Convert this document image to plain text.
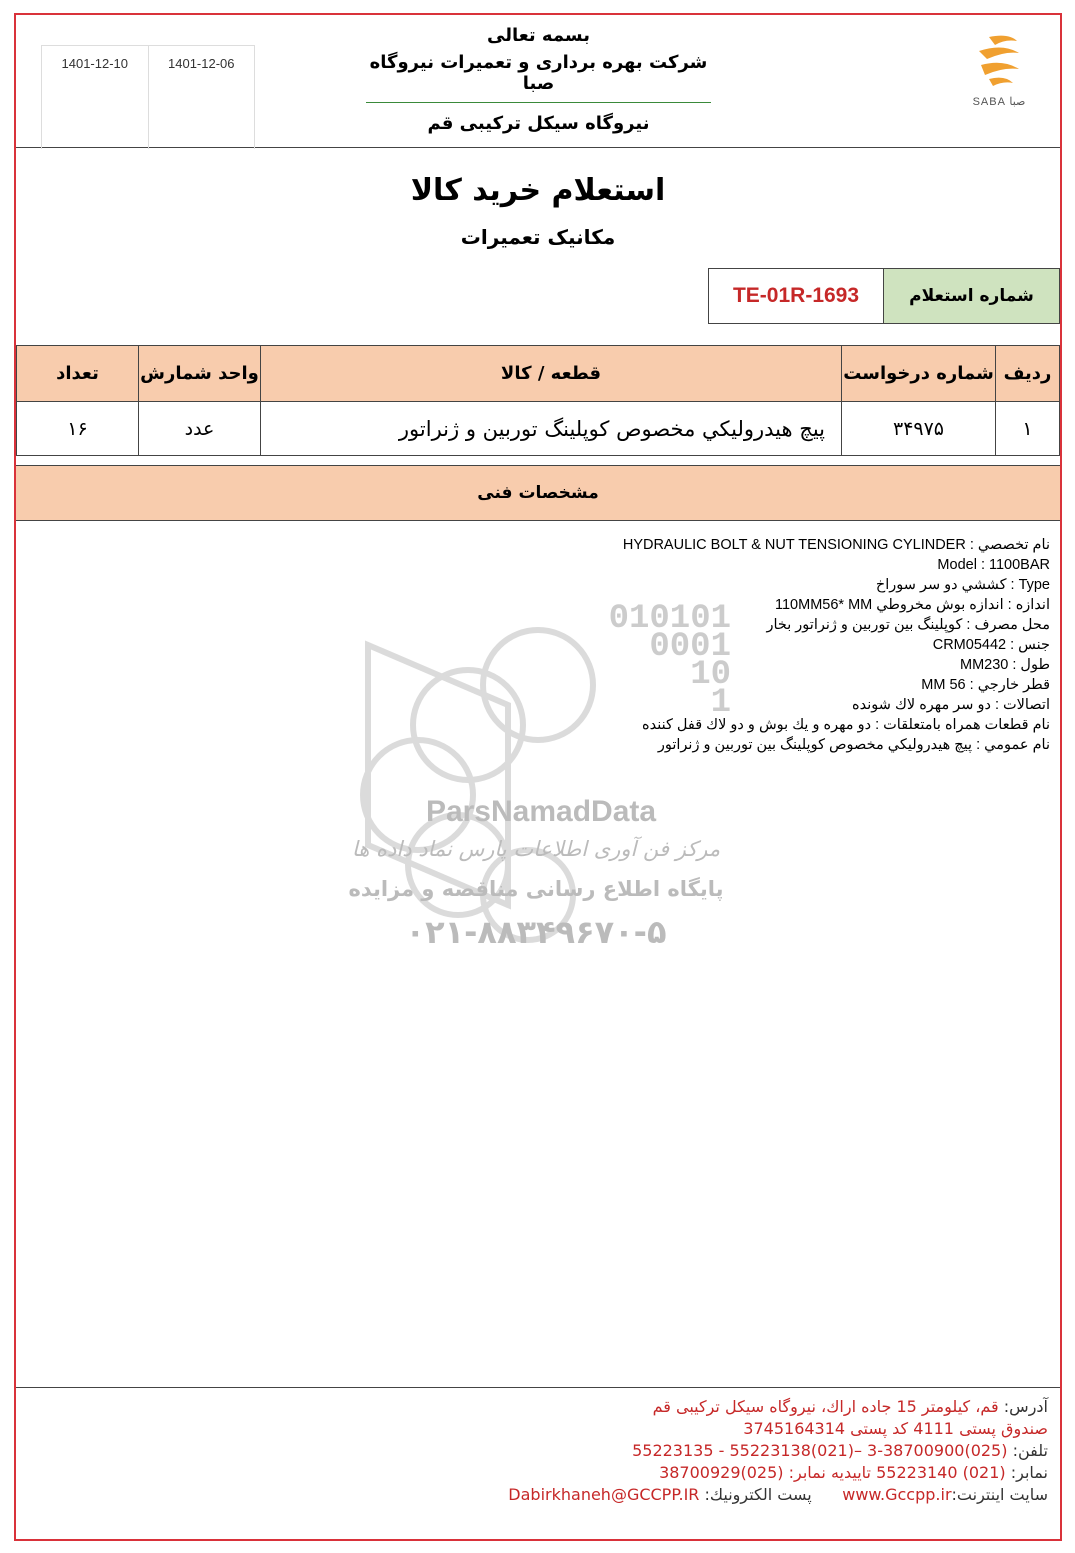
1401-12-10	1401-12-06
بسمه تعالی
شرکت بهره برداری و تعمیرات نیروگاه صبا
نیروگاه سیکل ترکیبی قم
SABA صبا
استعلام خرید کالا
مکانیک تعمیرات
شماره استعلام
TE-01R-1693
ردیف	شماره درخواست	قطعه / کالا	واحد شمارش	تعداد
۱	۳۴۹۷۵	پیچ هیدرولیکي مخصوص کوپلینگ توربین و ژنراتور	عدد	۱۶
مشخصات فنی
010101
0001
10
1
ParsNamadData
مرکز فن آوری اطلاعات پارس نماد داده ها
پایگاه اطلاع رسانی مناقصه و مزایده
۰۲۱-۸۸۳۴۹۶۷۰-۵
نام تخصصي : HYDRAULIC BOLT & NUT TENSIONING CYLINDER
Model : 1100BAR
Type : كششي دو سر سوراخ
اندازه : اندازه بوش مخروطي 110MM56* MM
محل مصرف : كوپلينگ بين توربين و ژنراتور بخار
جنس : CRM05442
طول : MM230
قطر خارجي : 56 MM
اتصالات : دو سر مهره لاك شونده
نام قطعات همراه بامتعلقات : دو مهره و يك بوش و دو لاك قفل كننده
نام عمومي : پيچ هيدروليكي مخصوص كوپلينگ بين توربين و ژنراتور
آدرس: قم، کیلومتر 15 جاده اراك، نیروگاه سیکل ترکیبی قم
صندوق پستی 4111 کد پستی 3745164314
تلفن: (025)38700900-3 –(021)55223138 - 55223135
نمابر: (021) 55223140 تاییدیه نمابر: (025)38700929
سایت اینترنت:www.Gccpp.ir      پست الکترونیك: Dabirkhaneh@GCCPP.IR
